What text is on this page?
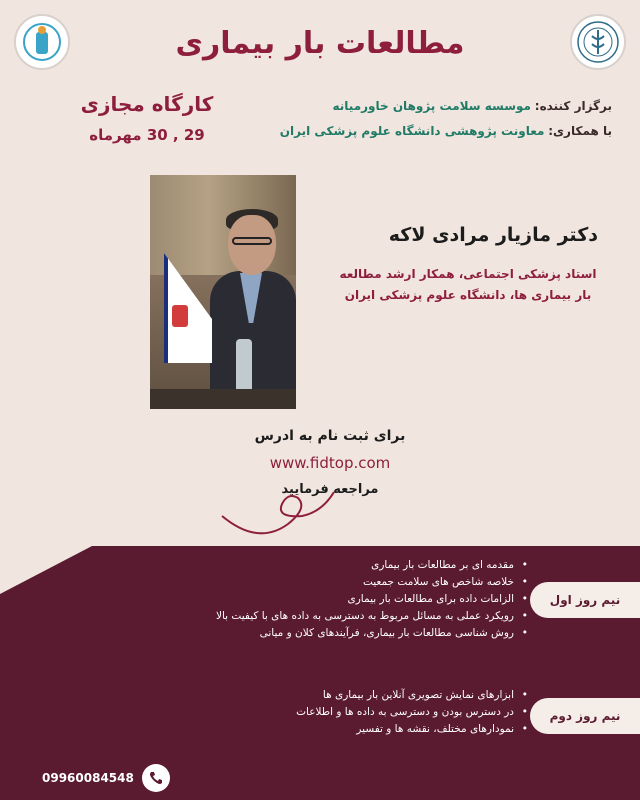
مطالعات بار بیماری
کارگاه مجازی
29 , 30 مهرماه
برگزار کننده: موسسه سلامت پژوهان خاورمیانه
با همکاری: معاونت پژوهشی دانشگاه علوم پزشکی ایران
دکتر مازیار مرادی لاکه
استاد پزشکی اجتماعی، همکار ارشد مطالعه بار بیماری ها، دانشگاه علوم پزشکی ایران
برای ثبت نام به ادرس
www.fidtop.com
مراجعه فرمایید
• مقدمه ای بر مطالعات بار بیماری
• خلاصه شاخص های سلامت جمعیت
• الزامات داده برای مطالعات بار بیماری
• رویکرد عملی به مسائل مربوط به دسترسی به داده های با کیفیت بالا
• روش شناسی مطالعات بار بیماری، فرآیندهای کلان و میانی
نیم روز اول
• ابزارهای نمایش تصویری آنلاین بار بیماری ها
• در دسترس بودن و دسترسی به داده ها و اطلاعات
• نمودارهای مختلف، نقشه ها و تفسیر
نیم روز دوم
09960084548
